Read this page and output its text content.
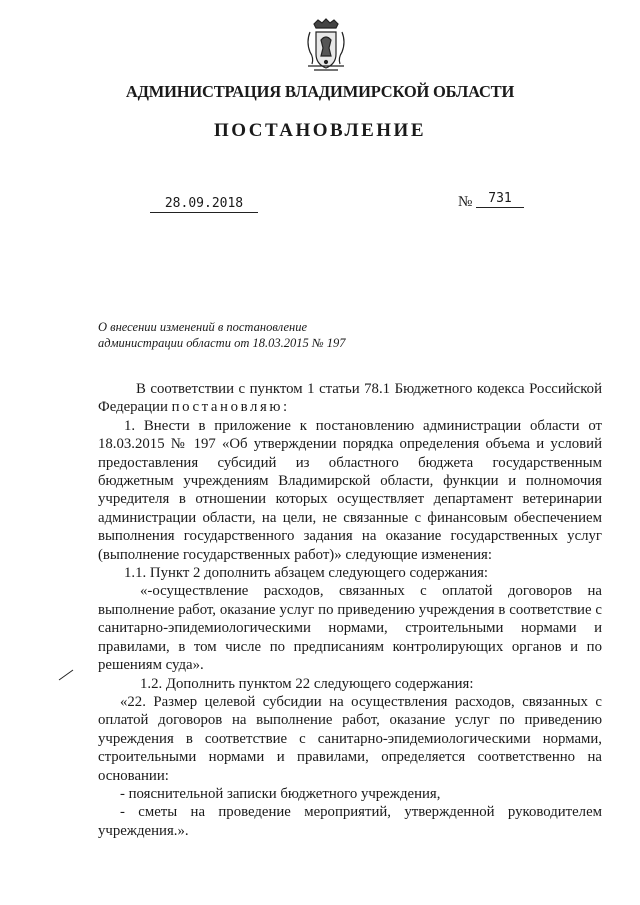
АДМИНИСТРАЦИЯ ВЛАДИМИРСКОЙ ОБЛАСТИ
ПОСТАНОВЛЕНИЕ
28.09.2018	№	731
О внесении изменений в постановление
администрации области от 18.03.2015 № 197

В соответствии с пунктом 1 статьи 78.1 Бюджетного кодекса Российской Федерации постановляю:

1. Внести в приложение к постановлению администрации области от 18.03.2015 № 197 «Об утверждении порядка определения объема и условий предоставления субсидий из областного бюджета государственным бюджетным учреждениям Владимирской области, функции и полномочия учредителя в отношении которых осуществляет департамент ветеринарии администрации области, на цели, не связанные с финансовым обеспечением выполнения государственного задания на оказание государственных услуг (выполнение государственных работ)» следующие изменения:

1.1. Пункт 2 дополнить абзацем следующего содержания:

«-осуществление расходов, связанных с оплатой договоров на выполнение работ, оказание услуг по приведению учреждения в соответствие с санитарно-эпидемиологическими нормами, строительными нормами и правилами, в том числе по предписаниям контролирующих органов и по решениям суда».

1.2. Дополнить пунктом 22 следующего содержания:

«22. Размер целевой субсидии на осуществления расходов, связанных с оплатой договоров на выполнение работ, оказание услуг по приведению учреждения в соответствие с санитарно-эпидемиологическими нормами, строительными нормами и правилами, определяется соответственно на основании:

- пояснительной записки бюджетного учреждения,

- сметы на проведение мероприятий, утвержденной руководителем учреждения.».
